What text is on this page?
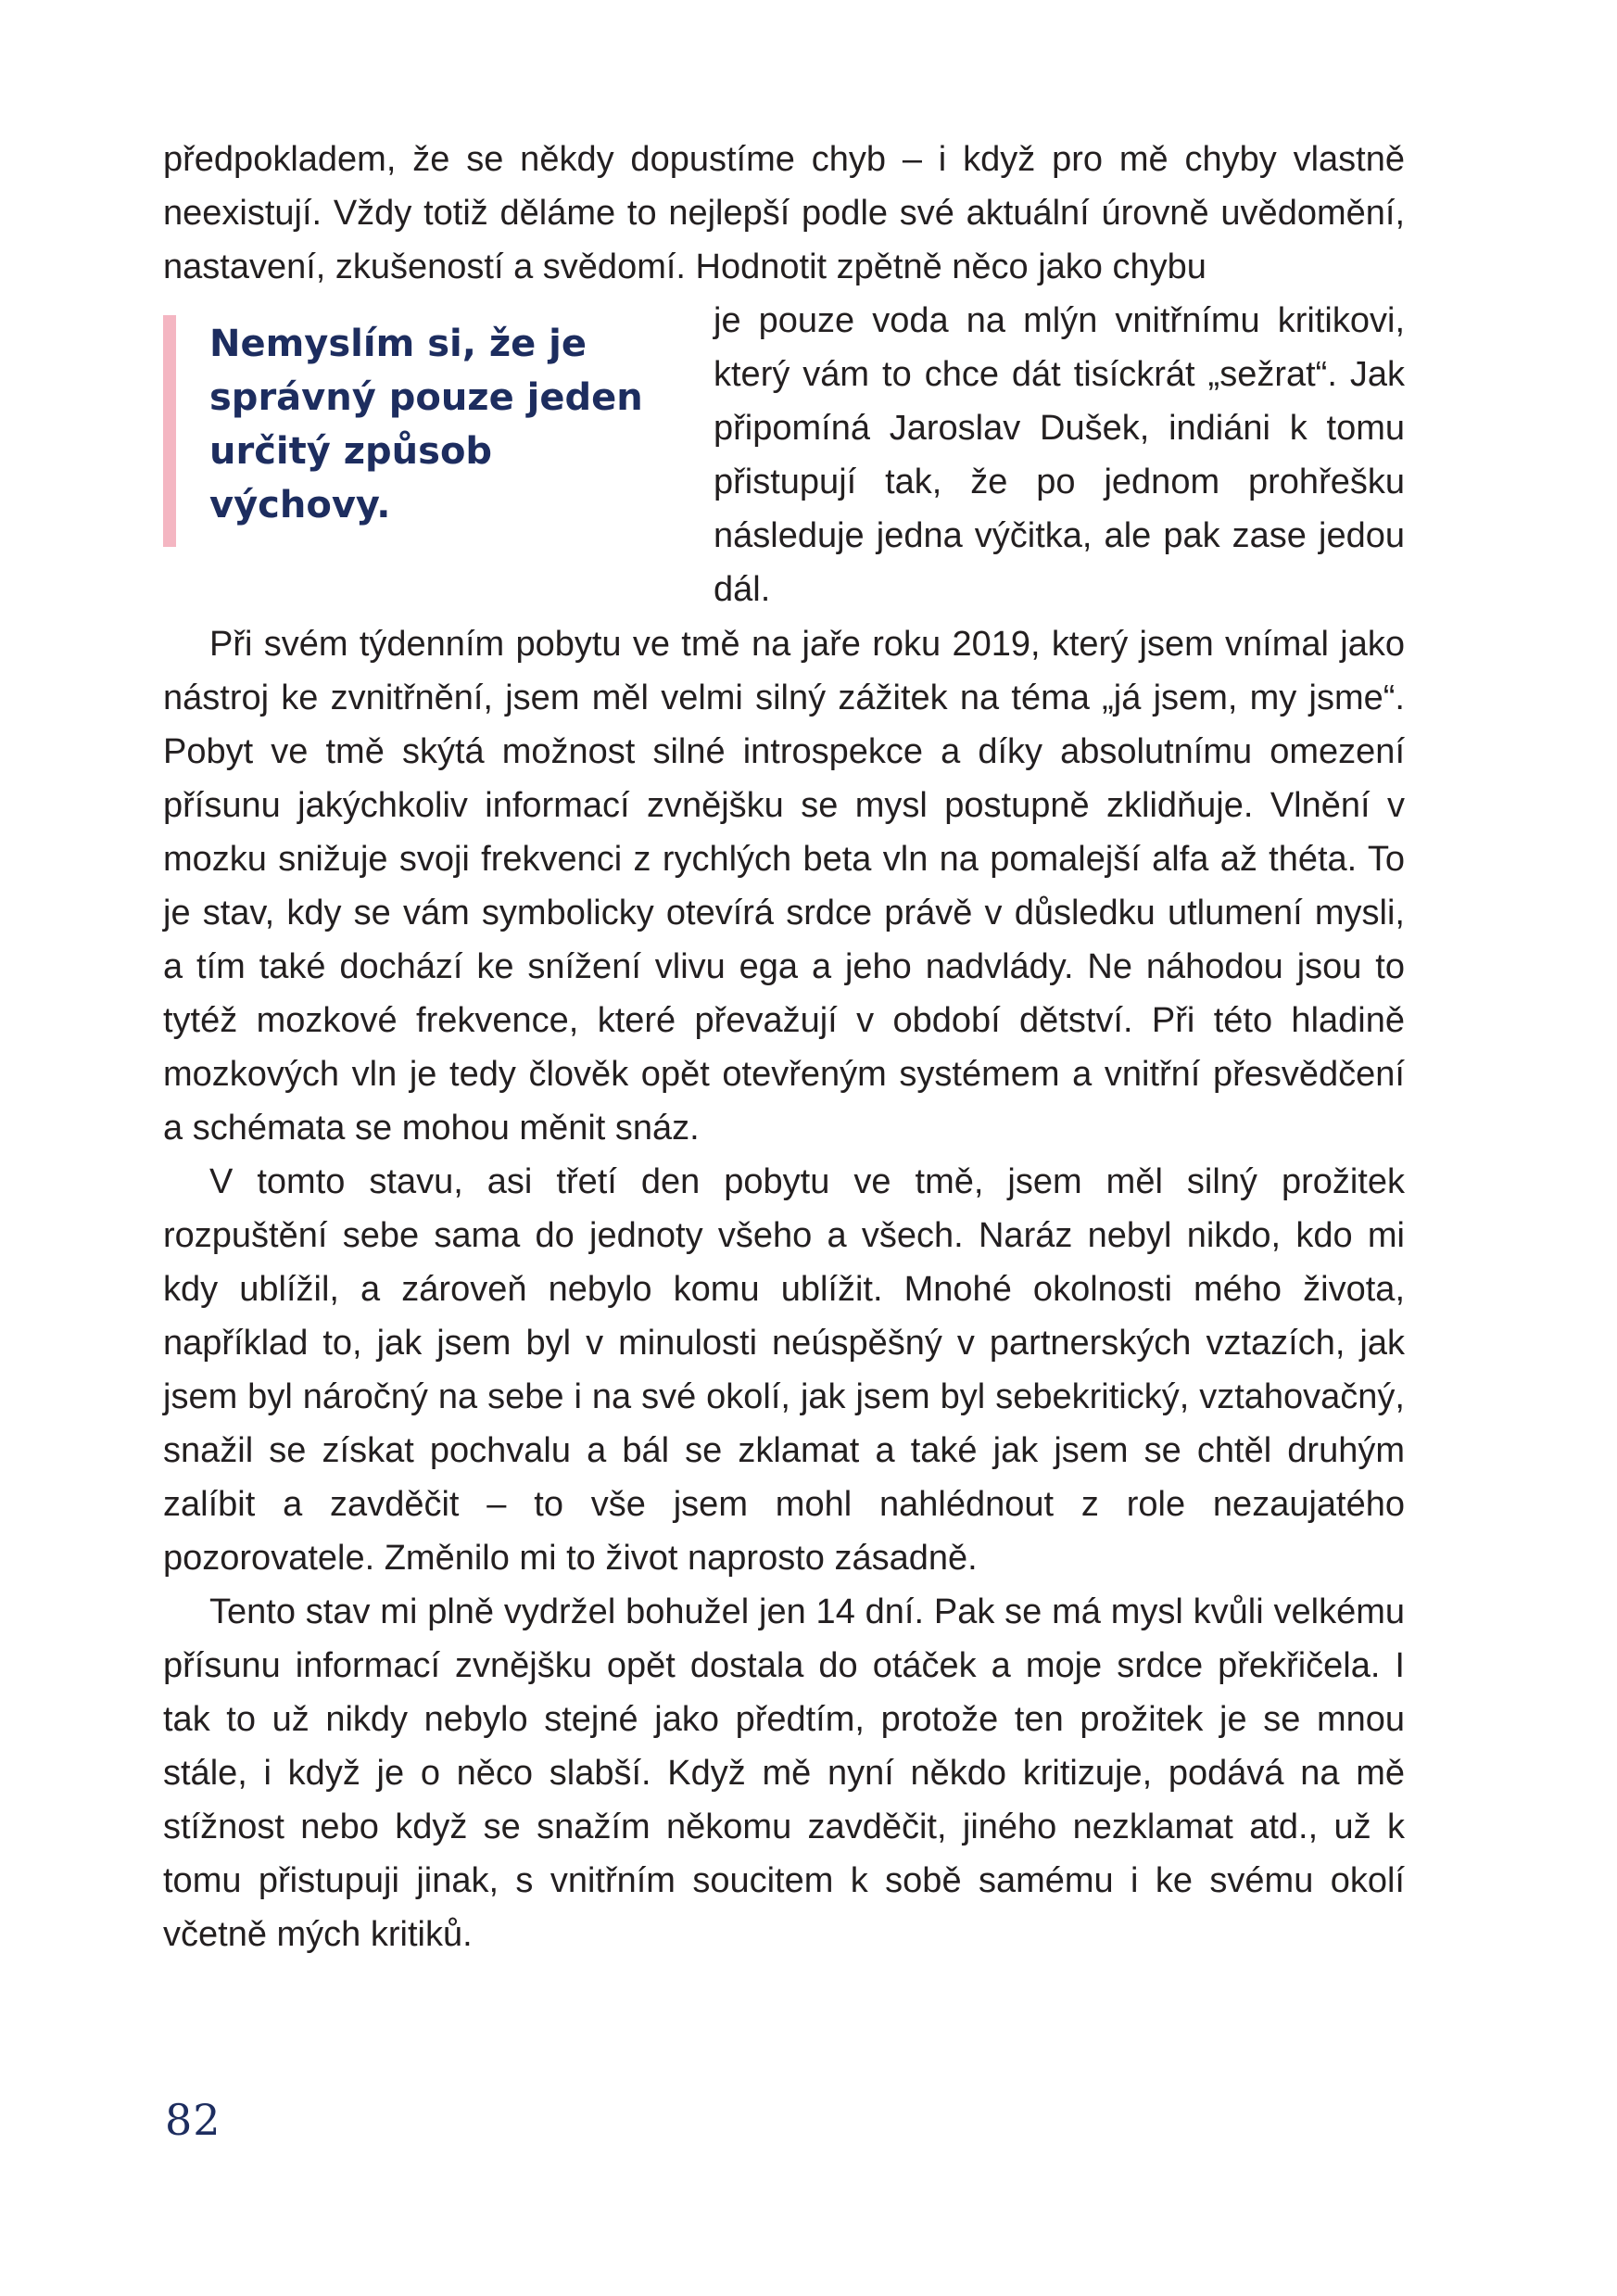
předpokladem, že se někdy dopustíme chyb – i když pro mě chyby vlastně neexistují. Vždy totiž děláme to nejlepší podle své aktuální úrovně uvědomění, nastavení, zkušeností a svědomí. Hodnotit zpětně něco jako chybu

Nemyslím si, že je správný pouze jeden určitý způsob výchovy.

je pouze voda na mlýn vnitřnímu kritikovi, který vám to chce dát tisíckrát „sežrat“. Jak připomíná Jaroslav Dušek, indiáni k tomu přistupují tak, že po jednom prohřešku následuje jedna výčitka, ale pak zase jedou dál.

Při svém týdenním pobytu ve tmě na jaře roku 2019, který jsem vnímal jako nástroj ke zvnitřnění, jsem měl velmi silný zážitek na téma „já jsem, my jsme“. Pobyt ve tmě skýtá možnost silné introspekce a díky absolutnímu omezení přísunu jakýchkoliv informací zvnějšku se mysl postupně zklidňuje. Vlnění v mozku snižuje svoji frekvenci z rychlých beta vln na pomalejší alfa až théta. To je stav, kdy se vám symbolicky otevírá srdce právě v důsledku utlumení mysli, a tím také dochází ke snížení vlivu ega a jeho nadvlády. Ne náhodou jsou to tytéž mozkové frekvence, které převažují v období dětství. Při této hladině mozkových vln je tedy člověk opět otevřeným systémem a vnitřní přesvědčení a schémata se mohou měnit snáz.

V tomto stavu, asi třetí den pobytu ve tmě, jsem měl silný prožitek rozpuštění sebe sama do jednoty všeho a všech. Naráz nebyl nikdo, kdo mi kdy ublížil, a zároveň nebylo komu ublížit. Mnohé okolnosti mého života, například to, jak jsem byl v minulosti neúspěšný v partnerských vztazích, jak jsem byl náročný na sebe i na své okolí, jak jsem byl sebekritický, vztahovačný, snažil se získat pochvalu a bál se zklamat a také jak jsem se chtěl druhým zalíbit a zavděčit – to vše jsem mohl nahlédnout z role nezaujatého pozorovatele. Změnilo mi to život naprosto zásadně.

Tento stav mi plně vydržel bohužel jen 14 dní. Pak se má mysl kvůli velkému přísunu informací zvnějšku opět dostala do otáček a moje srdce překřičela. I tak to už nikdy nebylo stejné jako předtím, protože ten prožitek je se mnou stále, i když je o něco slabší. Když mě nyní někdo kritizuje, podává na mě stížnost nebo když se snažím někomu zavděčit, jiného nezklamat atd., už k tomu přistupuji jinak, s vnitřním soucitem k sobě samému i ke svému okolí včetně mých kritiků.

82
